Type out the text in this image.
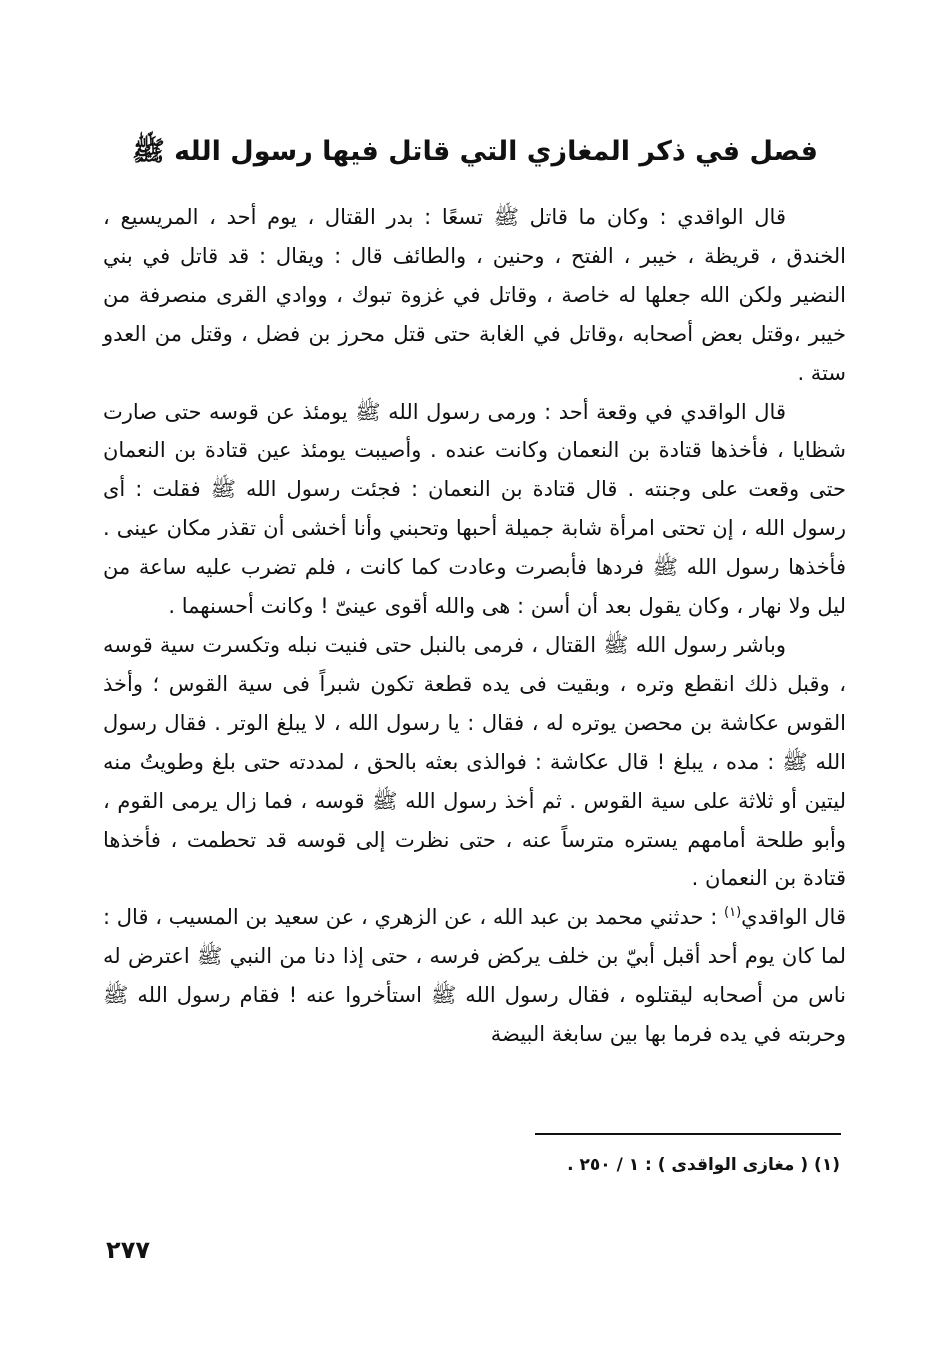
فصل في ذكر المغازي التي قاتل فيها رسول الله ﷺ

قال الواقدي : وكان ما قاتل ﷺ تسعًا : بدر القتال ، يوم أحد ، المريسيع ، الخندق ، قريظة ، خيبر ، الفتح ، وحنين ، والطائف قال : ويقال : قد قاتل في بني النضير ولكن الله جعلها له خاصة ، وقاتل في غزوة تبوك ، ووادي القرى منصرفة من خيبر ،وقتل بعض أصحابه ،وقاتل في الغابة حتى قتل محرز بن فضل ، وقتل من العدو ستة .

قال الواقدي في وقعة أحد : ورمى رسول الله ﷺ يومئذ عن قوسه حتى صارت شظايا ، فأخذها قتادة بن النعمان وكانت عنده . وأصيبت يومئذ عين قتادة بن النعمان حتى وقعت على وجنته . قال قتادة بن النعمان : فجئت رسول الله ﷺ فقلت : أى رسول الله ، إن تحتى امرأة شابة جميلة أحبها وتحبني وأنا أخشى أن تقذر مكان عينى . فأخذها رسول الله ﷺ فردها فأبصرت وعادت كما كانت ، فلم تضرب عليه ساعة من ليل ولا نهار ، وكان يقول بعد أن أسن : هى والله أقوى عينىّ ! وكانت أحسنهما .

وباشر رسول الله ﷺ القتال ، فرمى بالنبل حتى فنيت نبله وتكسرت سية قوسه ، وقبل ذلك انقطع وتره ، وبقيت فى يده قطعة تكون شبراً فى سية القوس ؛ وأخذ القوس عكاشة بن محصن يوتره له ، فقال : يا رسول الله ، لا يبلغ الوتر . فقال رسول الله ﷺ : مده ، يبلغ ! قال عكاشة : فوالذى بعثه بالحق ، لمددته حتى بلغ وطويتُ منه ليتين أو ثلاثة على سية القوس . ثم أخذ رسول الله ﷺ قوسه ، فما زال يرمى القوم ، وأبو طلحة أمامهم يستره مترساً عنه ، حتى نظرت إلى قوسه قد تحطمت ، فأخذها قتادة بن النعمان .

قال الواقدي$^{(١)}$ : حدثني محمد بن عبد الله ، عن الزهري ، عن سعيد بن المسيب ، قال : لما كان يوم أحد أقبل أبيّ بن خلف يركض فرسه ، حتى إذا دنا من النبي ﷺ اعترض له ناس من أصحابه ليقتلوه ، فقال رسول الله ﷺ استأخروا عنه ! فقام رسول الله ﷺ وحربته في يده فرما بها بين سابغة البيضة

(١) ( مغازى الواقدى ) : ١ / ٢٥٠ .
٢٧٧
